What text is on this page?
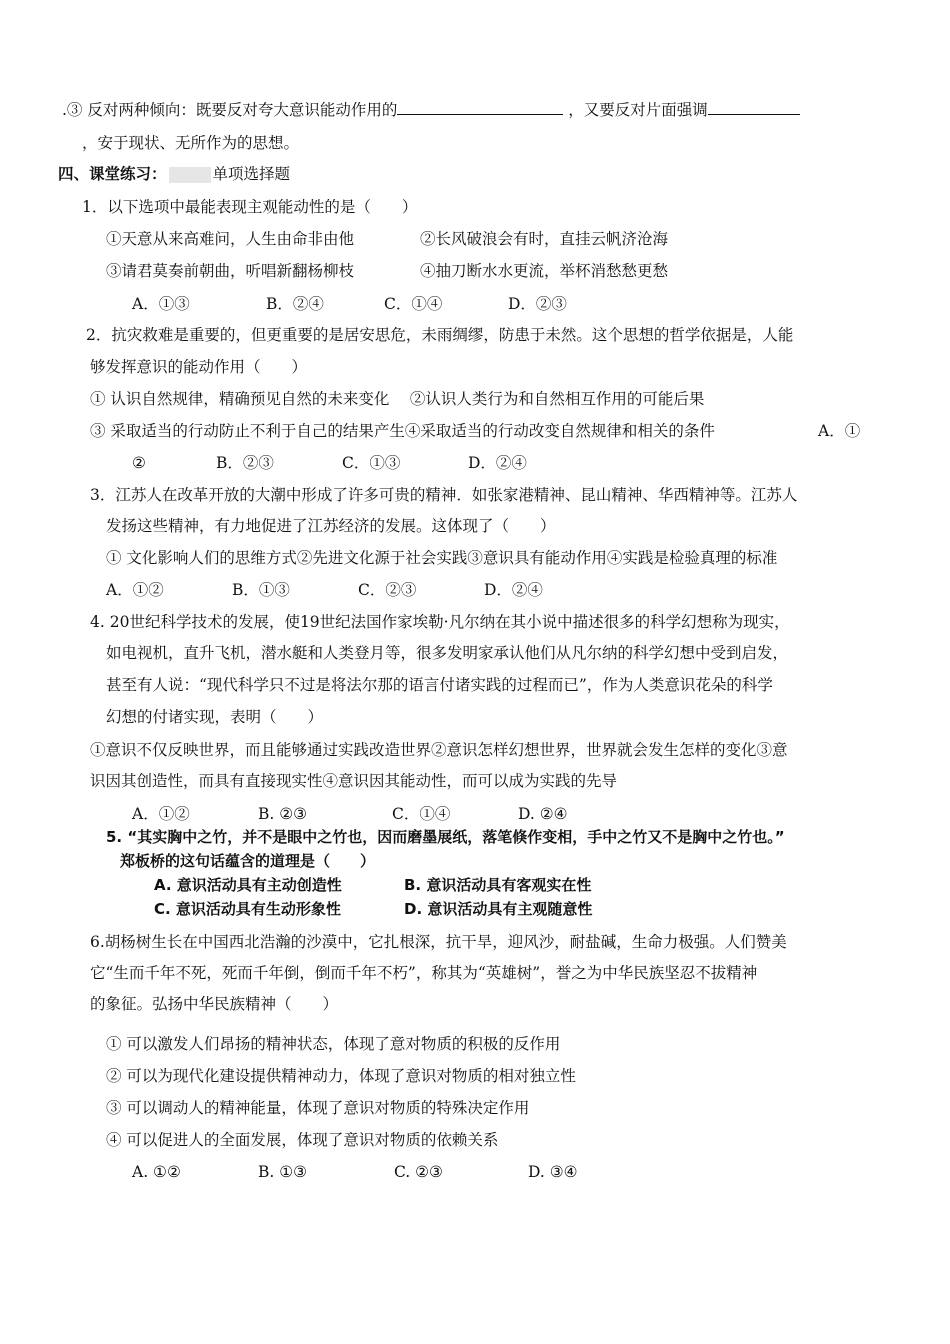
.③ 反对两种倾向：既要反对夸大意识能动作用的	，又要反对片面强调
，安于现状、无所作为的思想。
四、课堂练习：	单项选择题
1．以下选项中最能表现主观能动性的是（　　）
①天意从来高难问，人生由命非由他	②长风破浪会有时，直挂云帆济沧海
③请君莫奏前朝曲，听唱新翻杨柳枝	④抽刀断水水更流，举杯消愁愁更愁
A．①③	B．②④	C．①④	D．②③
2．抗灾救难是重要的，但更重要的是居安思危，未雨绸缪，防患于未然。这个思想的哲学依据是，人能
够发挥意识的能动作用（　　）
① 认识自然规律，精确预见自然的未来变化　 ②认识人类行为和自然相互作用的可能后果
③ 采取适当的行动防止不利于自己的结果产生④采取适当的行动改变自然规律和相关的条件	A．①
②	B．②③	C．①③	D．②④
3．江苏人在改革开放的大潮中形成了许多可贵的精神．如张家港精神、昆山精神、华西精神等。江苏人
发扬这些精神，有力地促进了江苏经济的发展。这体现了（　　）
① 文化影响人们的思维方式②先进文化源于社会实践③意识具有能动作用④实践是检验真理的标准
A．①②	B．①③	C．②③	D．②④
4. 20世纪科学技术的发展，使19世纪法国作家埃勒·凡尔纳在其小说中描述很多的科学幻想称为现实，
如电视机，直升飞机，潜水艇和人类登月等，很多发明家承认他们从凡尔纳的科学幻想中受到启发，
甚至有人说：“现代科学只不过是将法尔那的语言付诸实践的过程而已”，作为人类意识花朵的科学
幻想的付诸实现，表明（　　）
①意识不仅反映世界，而且能够通过实践改造世界②意识怎样幻想世界，世界就会发生怎样的变化③意
识因其创造性，而具有直接现实性④意识因其能动性，而可以成为实践的先导
A．①②	B. ②③	C．①④	D. ②④
5. “其实胸中之竹，并不是眼中之竹也，因而磨墨展纸，落笔倏作变相，手中之竹又不是胸中之竹也。”
郑板桥的这句话蕴含的道理是（　　）
A. 意识活动具有主动创造性	B. 意识活动具有客观实在性
C. 意识活动具有生动形象性	D. 意识活动具有主观随意性
6.胡杨树生长在中国西北浩瀚的沙漠中，它扎根深，抗干旱，迎风沙，耐盐碱，生命力极强。人们赞美
它“生而千年不死，死而千年倒，倒而千年不朽”，称其为“英雄树”，誉之为中华民族坚忍不拔精神
的象征。弘扬中华民族精神（　　）
① 可以激发人们昂扬的精神状态，体现了意对物质的积极的反作用
② 可以为现代化建设提供精神动力，体现了意识对物质的相对独立性
③ 可以调动人的精神能量，体现了意识对物质的特殊决定作用
④ 可以促进人的全面发展，体现了意识对物质的依赖关系
A. ①②	B. ①③	C. ②③	D. ③④
